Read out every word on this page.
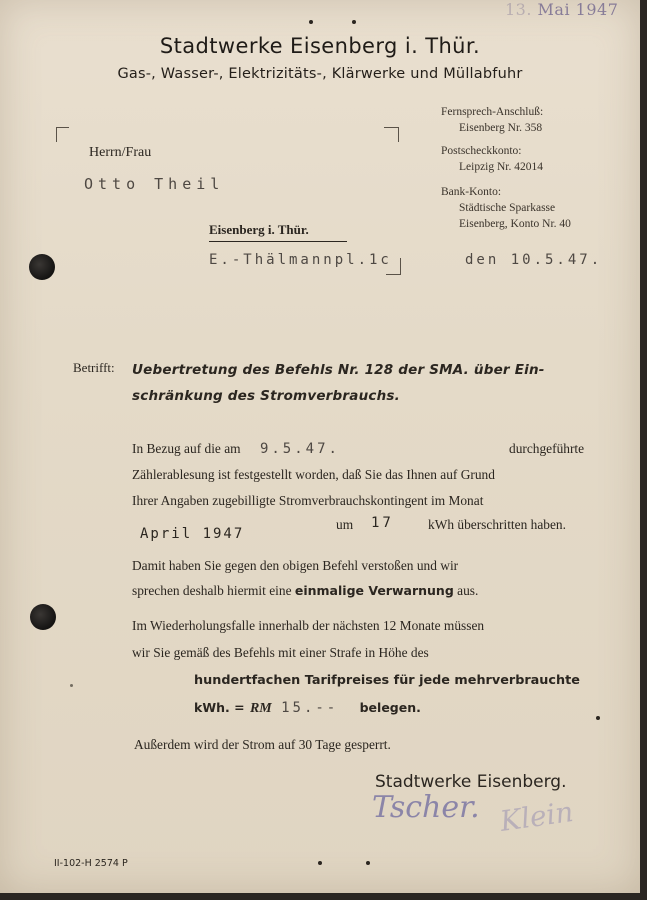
13. Mai 1947
Stadtwerke Eisenberg i. Thür.
Gas-, Wasser-, Elektrizitäts-, Klärwerke und Müllabfuhr
Fernsprech-Anschluß:
Eisenberg Nr. 358
Postscheckkonto:
Leipzig Nr. 42014
Bank-Konto:
Städtische Sparkasse
Eisenberg, Konto Nr. 40
Herrn/Frau
Otto Theil
Eisenberg i. Thür.
E.-Thälmannpl.1c	den 10.5.47.
Betrifft: Uebertretung des Befehls Nr. 128 der SMA. über Ein-
schränkung des Stromverbrauchs.
In Bezug auf die am 9.5.47.	durchgeführte
Zählerablesung ist festgestellt worden, daß Sie das Ihnen auf Grund
Ihrer Angaben zugebilligte Stromverbrauchskontingent im Monat
April 1947
um 17	kWh überschritten haben.
Damit haben Sie gegen den obigen Befehl verstoßen und wir
sprechen deshalb hiermit eine einmalige Verwarnung aus.
Im Wiederholungsfalle innerhalb der nächsten 12 Monate müssen
wir Sie gemäß des Befehls mit einer Strafe in Höhe des
hundertfachen Tarifpreises für jede mehrverbrauchte
kWh. = RM 15.-- belegen.
Außerdem wird der Strom auf 30 Tage gesperrt.
Stadtwerke Eisenberg.
Tscher. Klein
II-102-H 2574 P
